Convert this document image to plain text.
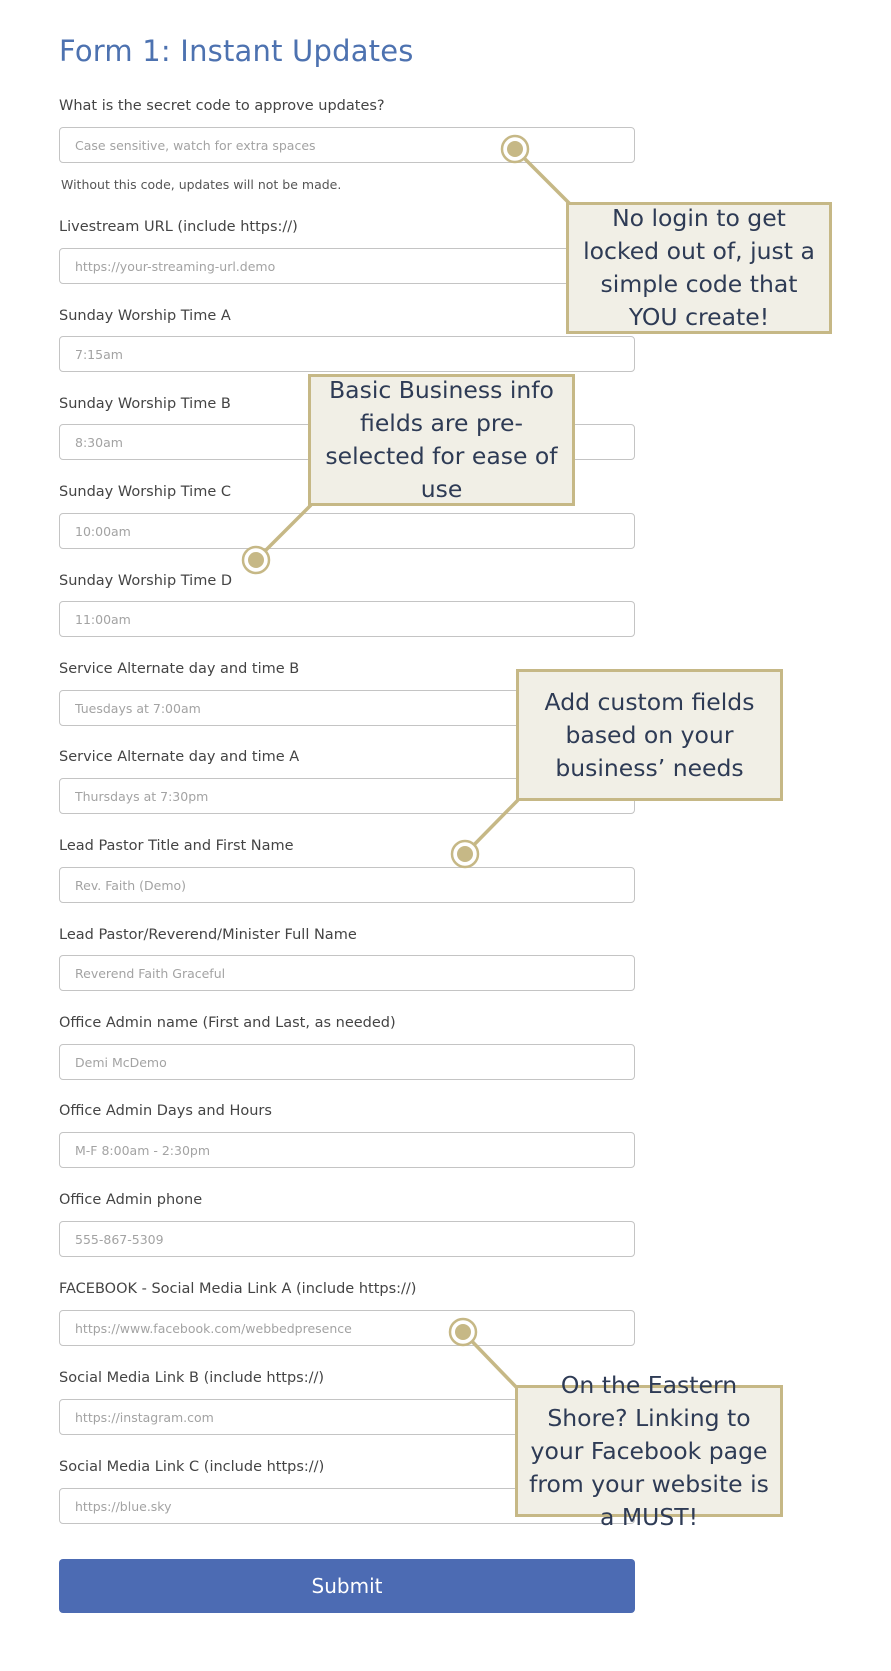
Form 1: Instant Updates
What is the secret code to approve updates?
Case sensitive, watch for extra spaces
Without this code, updates will not be made.
Livestream URL (include https://)
https://your-streaming-url.demo
Sunday Worship Time A
7:15am
Sunday Worship Time B
8:30am
Sunday Worship Time C
10:00am
Sunday Worship Time D
11:00am
Service Alternate day and time B
Tuesdays at 7:00am
Service Alternate day and time A
Thursdays at 7:30pm
Lead Pastor Title and First Name
Rev. Faith (Demo)
Lead Pastor/Reverend/Minister Full Name
Reverend Faith Graceful
Office Admin name (First and Last, as needed)
Demi McDemo
Office Admin Days and Hours
M-F 8:00am - 2:30pm
Office Admin phone
555-867-5309
FACEBOOK - Social Media Link A (include https://)
https://www.facebook.com/webbedpresence
Social Media Link B (include https://)
https://instagram.com
Social Media Link C (include https://)
https://blue.sky
Submit
No login to get locked out of, just a simple code that YOU create!
Basic Business info fields are pre-selected for ease of use
Add custom fields based on your business’ needs
On the Eastern Shore? Linking to your Facebook page from your website is a MUST!
